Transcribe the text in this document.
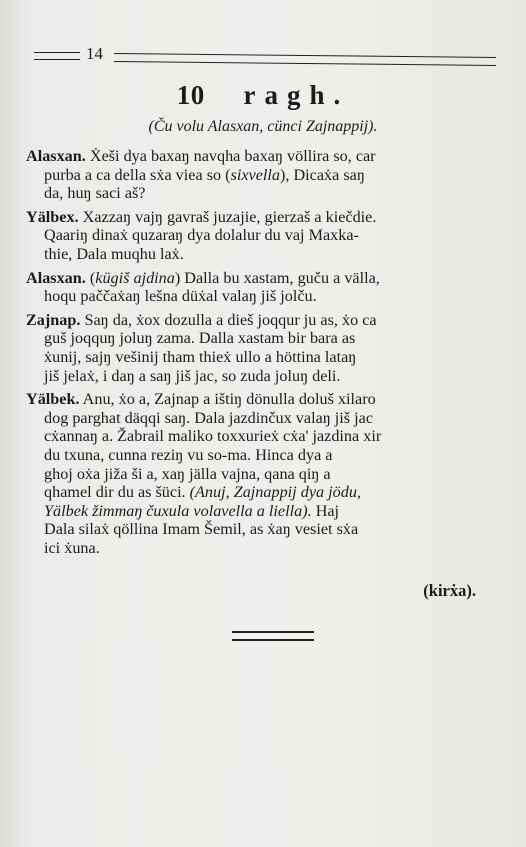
14
10 ragh.
(Ču volu Alasxan, cünci Zajnappij).

Alasxan. Ẋeši dya baxaŋ navqha baxaŋ völlira so, car
purba a ca della sẋa viea so (sixvella), Dicaẋa saŋ
da, huŋ saci aš?

Yälbex. Xazzaŋ vajŋ gavraš juzajie, gierzaš a kiečdie.
Qaariŋ dinaẋ quzaraŋ dya dolalur du vaj Maxka-
thie, Dala muqhu laẋ.

Alasxan. (kügiš ajdina) Dalla bu xastam, guču a välla,
hoqu paččaẋaŋ lešna düẋal valaŋ jiš jolču.

Zajnap. Saŋ da, ẋox dozulla a dieš joqqur ju as, ẋo ca
guš joqquŋ joluŋ zama. Dalla xastam bir bara as
ẋunij, sajŋ vešinij tham thieẋ ullo a höttina lataŋ
jiš jelaẋ, i daŋ a saŋ jiš jac, so zuda joluŋ deli.

Yälbek. Anu, ẋo a, Zajnap a ištiŋ dönulla doluš xilaro
dog parghat däqqi saŋ. Dala jazdinčux valaŋ jiš jac
cẋannaŋ a. Žabrail maliko toxxurieẋ cẋa' jazdina xir
du txuna, cunna reziŋ vu so-ma. Hinca dya a
ghoj oẋa jiža ši a, xaŋ jälla vajna, qana qiŋ a
qhamel dir du as šüci. (Anuj, Zajnappij dya jödu,
Yälbek žimmaŋ čuxula volavella a liella). Haj
Dala silaẋ qöllina Imam Šemil, as ẋaŋ vesiet sẋa
ici ẋuna.

(kirẋa).
